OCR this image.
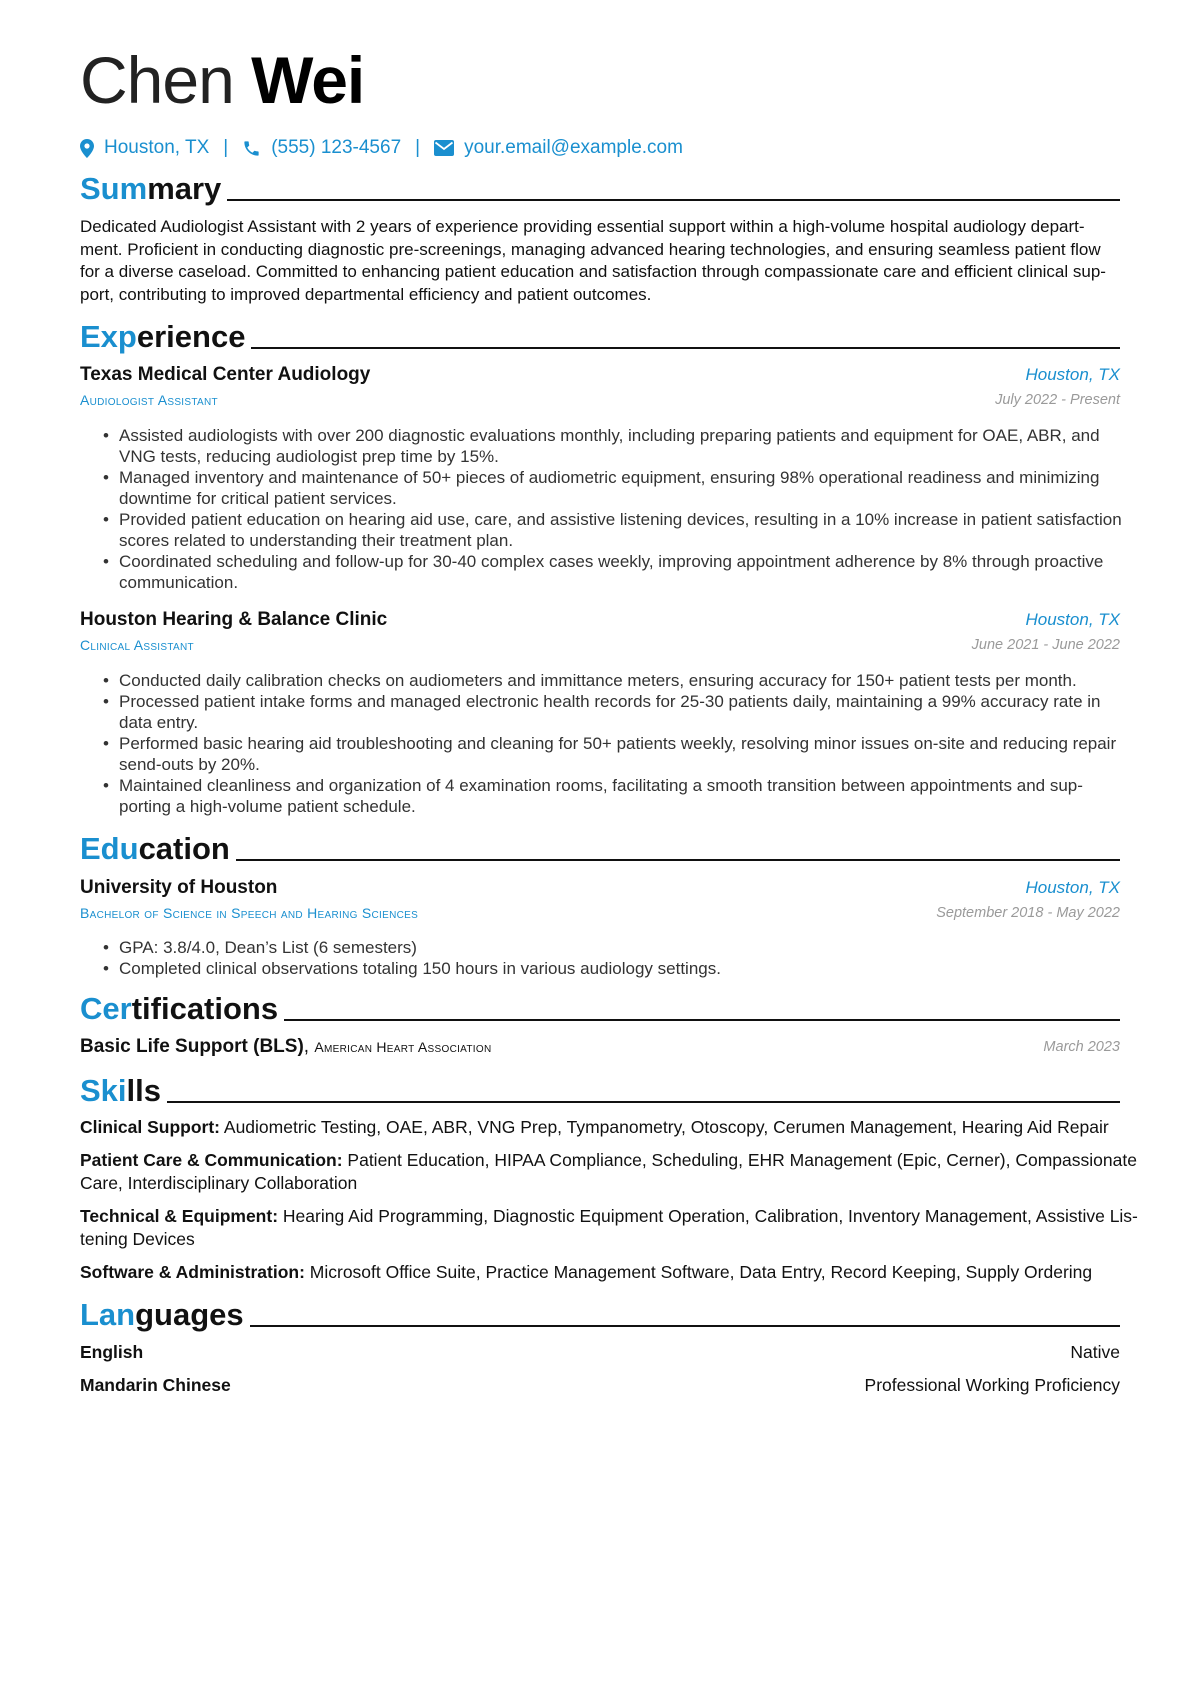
Chen Wei
Houston, TX | (555) 123-4567 | your.email@example.com
Summary
Dedicated Audiologist Assistant with 2 years of experience providing essential support within a high-volume hospital audiology depart-
ment. Proficient in conducting diagnostic pre-screenings, managing advanced hearing technologies, and ensuring seamless patient flow
for a diverse caseload. Committed to enhancing patient education and satisfaction through compassionate care and efficient clinical sup-
port, contributing to improved departmental efficiency and patient outcomes.
Experience
Texas Medical Center Audiology	Houston, TX
Audiologist Assistant	July 2022 - Present
• Assisted audiologists with over 200 diagnostic evaluations monthly, including preparing patients and equipment for OAE, ABR, and
VNG tests, reducing audiologist prep time by 15%.
• Managed inventory and maintenance of 50+ pieces of audiometric equipment, ensuring 98% operational readiness and minimizing
downtime for critical patient services.
• Provided patient education on hearing aid use, care, and assistive listening devices, resulting in a 10% increase in patient satisfaction
scores related to understanding their treatment plan.
• Coordinated scheduling and follow-up for 30-40 complex cases weekly, improving appointment adherence by 8% through proactive
communication.
Houston Hearing & Balance Clinic	Houston, TX
Clinical Assistant	June 2021 - June 2022
• Conducted daily calibration checks on audiometers and immittance meters, ensuring accuracy for 150+ patient tests per month.
• Processed patient intake forms and managed electronic health records for 25-30 patients daily, maintaining a 99% accuracy rate in
data entry.
• Performed basic hearing aid troubleshooting and cleaning for 50+ patients weekly, resolving minor issues on-site and reducing repair
send-outs by 20%.
• Maintained cleanliness and organization of 4 examination rooms, facilitating a smooth transition between appointments and sup-
porting a high-volume patient schedule.
Education
University of Houston	Houston, TX
Bachelor of Science in Speech and Hearing Sciences	September 2018 - May 2022
• GPA: 3.8/4.0, Dean’s List (6 semesters)
• Completed clinical observations totaling 150 hours in various audiology settings.
Certifications
Basic Life Support (BLS), American Heart Association	March 2023
Skills
Clinical Support: Audiometric Testing, OAE, ABR, VNG Prep, Tympanometry, Otoscopy, Cerumen Management, Hearing Aid Repair
Patient Care & Communication: Patient Education, HIPAA Compliance, Scheduling, EHR Management (Epic, Cerner), Compassionate
Care, Interdisciplinary Collaboration
Technical & Equipment: Hearing Aid Programming, Diagnostic Equipment Operation, Calibration, Inventory Management, Assistive Lis-
tening Devices
Software & Administration: Microsoft Office Suite, Practice Management Software, Data Entry, Record Keeping, Supply Ordering
Languages
English	Native
Mandarin Chinese	Professional Working Proficiency
